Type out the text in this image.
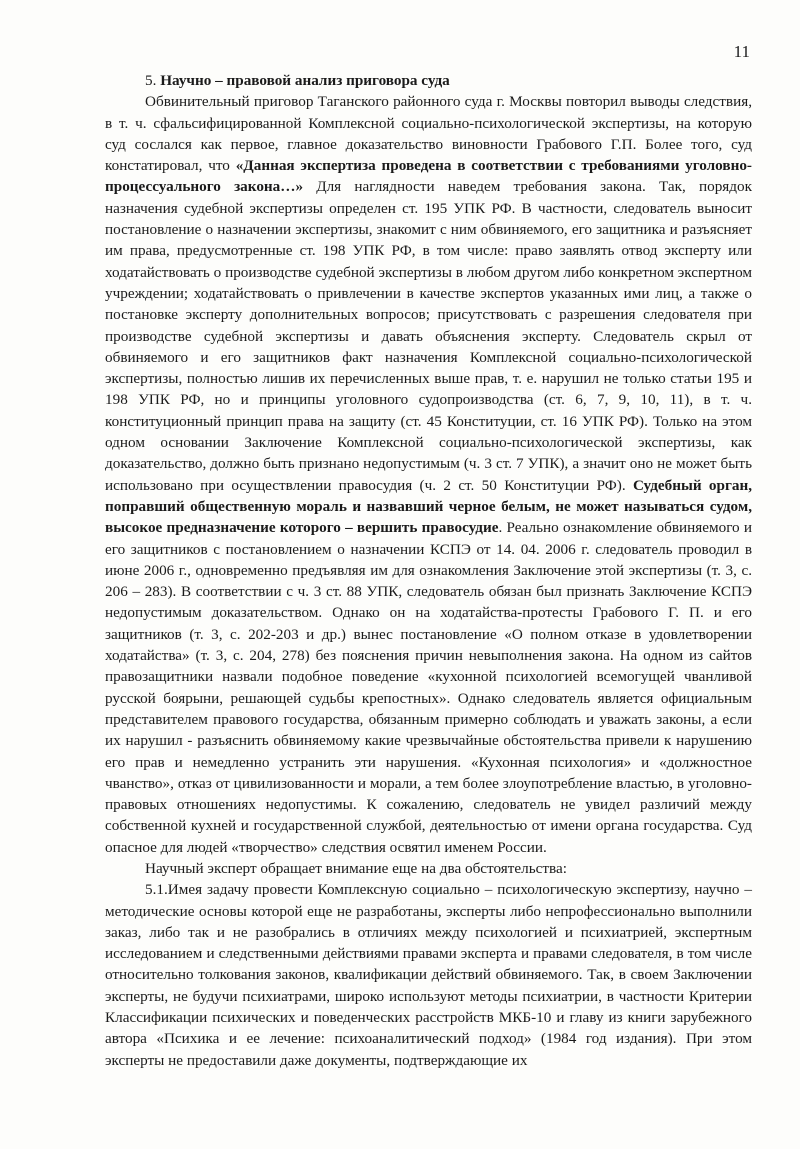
11

5. Научно – правовой анализ приговора суда

Обвинительный приговор Таганского районного суда г. Москвы повторил выводы следствия, в т. ч. сфальсифицированной Комплексной социально-психологической экспертизы, на которую суд сослался как первое, главное доказательство виновности Грабового Г.П. Более того, суд констатировал, что «Данная экспертиза проведена в соответствии с требованиями уголовно-процессуального закона…» Для наглядности наведем требования закона. Так, порядок назначения судебной экспертизы определен ст. 195 УПК РФ. В частности, следователь выносит постановление о назначении экспертизы, знакомит с ним обвиняемого, его защитника и разъясняет им права, предусмотренные ст. 198 УПК РФ, в том числе: право заявлять отвод эксперту или ходатайствовать о производстве судебной экспертизы в любом другом либо конкретном экспертном учреждении; ходатайствовать о привлечении в качестве экспертов указанных ими лиц, а также о постановке эксперту дополнительных вопросов; присутствовать с разрешения следователя при производстве судебной экспертизы и давать объяснения эксперту. Следователь скрыл от обвиняемого и его защитников факт назначения Комплексной социально-психологической экспертизы, полностью лишив их перечисленных выше прав, т. е. нарушил не только статьи 195 и 198 УПК РФ, но и принципы уголовного судопроизводства (ст. 6, 7, 9, 10, 11), в т. ч. конституционный принцип права на защиту (ст. 45 Конституции, ст. 16 УПК РФ). Только на этом одном основании Заключение Комплексной социально-психологической экспертизы, как доказательство, должно быть признано недопустимым (ч. 3 ст. 7 УПК), а значит оно не может быть использовано при осуществлении правосудия (ч. 2 ст. 50 Конституции РФ). Судебный орган, поправший общественную мораль и назвавший черное белым, не может называться судом, высокое предназначение которого – вершить правосудие. Реально ознакомление обвиняемого и его защитников с постановлением о назначении КСПЭ от 14. 04. 2006 г. следователь проводил в июне 2006 г., одновременно предъявляя им для ознакомления Заключение этой экспертизы (т. 3, с. 206 – 283). В соответствии с ч. 3 ст. 88 УПК, следователь обязан был признать Заключение КСПЭ недопустимым доказательством. Однако он на ходатайства-протесты Грабового Г. П. и его защитников (т. 3, с. 202-203 и др.) вынес постановление «О полном отказе в удовлетворении ходатайства» (т. 3, с. 204, 278) без пояснения причин невыполнения закона. На одном из сайтов правозащитники назвали подобное поведение «кухонной психологией всемогущей чванливой русской боярыни, решающей судьбы крепостных». Однако следователь является официальным представителем правового государства, обязанным примерно соблюдать и уважать законы, а если их нарушил - разъяснить обвиняемому какие чрезвычайные обстоятельства привели к нарушению его прав и немедленно устранить эти нарушения. «Кухонная психология» и «должностное чванство», отказ от цивилизованности и морали, а тем более злоупотребление властью, в уголовно-правовых отношениях недопустимы. К сожалению, следователь не увидел различий между собственной кухней и государственной службой, деятельностью от имени органа государства. Суд опасное для людей «творчество» следствия освятил именем России.

Научный эксперт обращает внимание еще на два обстоятельства:

5.1.Имея задачу провести Комплексную социально – психологическую экспертизу, научно – методические основы которой еще не разработаны, эксперты либо непрофессионально выполнили заказ, либо так и не разобрались в отличиях между психологией и психиатрией, экспертным исследованием и следственными действиями правами эксперта и правами следователя, в том числе относительно толкования законов, квалификации действий обвиняемого. Так, в своем Заключении эксперты, не будучи психиатрами, широко используют методы психиатрии, в частности Критерии Классификации психических и поведенческих расстройств МКБ-10 и главу из книги зарубежного автора «Психика и ее лечение: психоаналитический подход» (1984 год издания). При этом эксперты не предоставили даже документы, подтверждающие их
